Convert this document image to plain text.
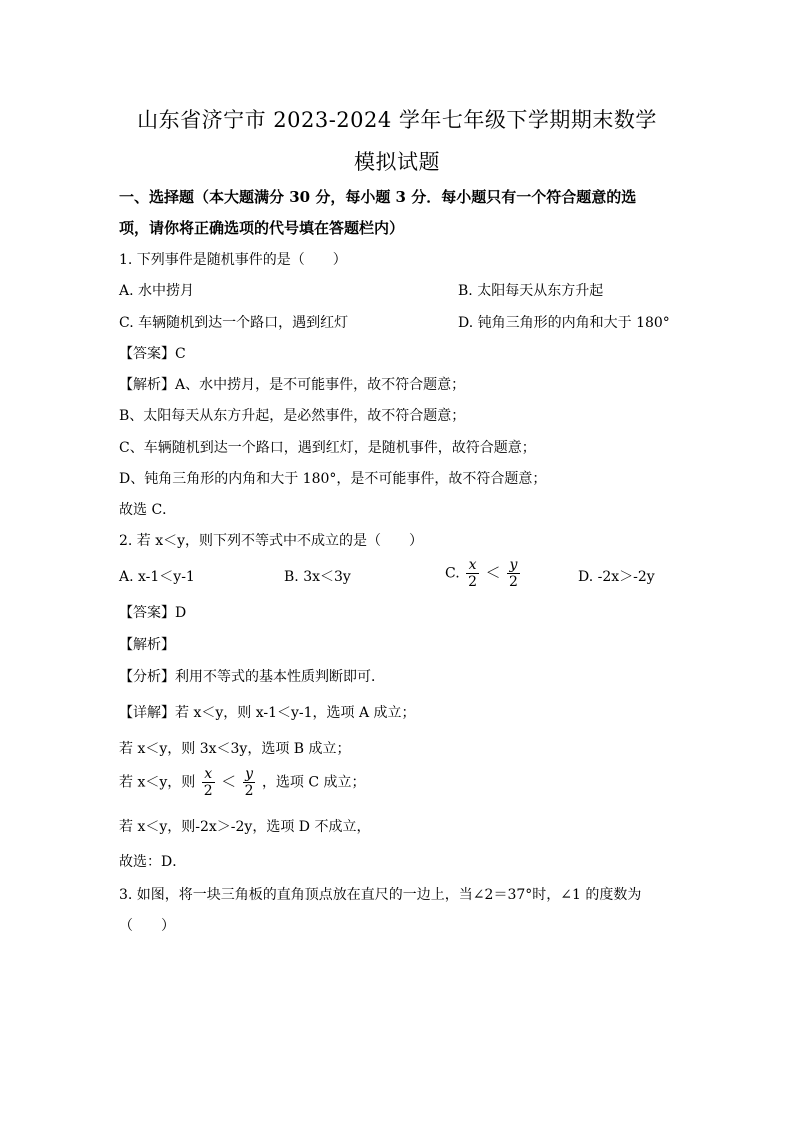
山东省济宁市 2023-2024 学年七年级下学期期末数学
模拟试题
一、选择题（本大题满分 30 分，每小题 3 分．每小题只有一个符合题意的选
项，请你将正确选项的代号填在答题栏内）
1. 下列事件是随机事件的是（　　）
A. 水中捞月	B. 太阳每天从东方升起
C. 车辆随机到达一个路口，遇到红灯	D. 钝角三角形的内角和大于 180°
【答案】C
【解析】A、水中捞月，是不可能事件，故不符合题意；
B、太阳每天从东方升起，是必然事件，故不符合题意；
C、车辆随机到达一个路口，遇到红灯，是随机事件，故符合题意；
D、钝角三角形的内角和大于 180°，是不可能事件，故不符合题意；
故选 C．
2. 若 x＜y，则下列不等式中不成立的是（　　）
A. x-1＜y-1	B. 3x＜3y	C. $\frac{x}{2} < \frac{y}{2}$	D. -2x＞-2y
【答案】D
【解析】
【分析】利用不等式的基本性质判断即可．
【详解】若 x＜y，则 x-1＜y-1，选项 A 成立；
若 x＜y，则 3x＜3y，选项 B 成立；
若 x＜y，则 $\frac{x}{2} < \frac{y}{2}$ ，选项 C 成立；
若 x＜y，则-2x＞-2y，选项 D 不成立，
故选：D．
3. 如图，将一块三角板的直角顶点放在直尺的一边上，当∠2＝37°时，∠1 的度数为
（　　）
